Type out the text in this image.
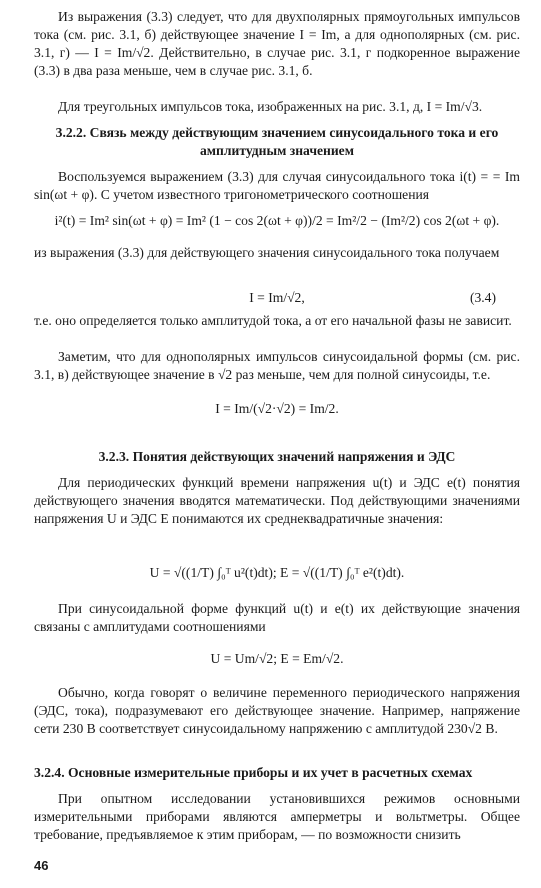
Из выражения (3.3) следует, что для двухполярных прямоугольных импульсов тока (см. рис. 3.1, б) действующее значение I = Im, а для однополярных (см. рис. 3.1, г) — I = Im/√2. Действительно, в случае рис. 3.1, г подкоренное выражение (3.3) в два раза меньше, чем в случае рис. 3.1, б.
Для треугольных импульсов тока, изображенных на рис. 3.1, д, I = Im/√3.
3.2.2. Связь между действующим значением синусоидального тока и его амплитудным значением
Воспользуемся выражением (3.3) для случая синусоидального тока i(t) = = Im sin(ωt + φ). С учетом известного тригонометрического соотношения
i²(t) = Im² sin(ωt + φ) = Im² (1 − cos 2(ωt + φ))/2 = Im²/2 − (Im²/2) cos 2(ωt + φ).
из выражения (3.3) для действующего значения синусоидального тока получаем
I = Im/√2,	(3.4)
т.е. оно определяется только амплитудой тока, а от его начальной фазы не зависит.
Заметим, что для однополярных импульсов синусоидальной формы (см. рис. 3.1, в) действующее значение в √2 раз меньше, чем для полной синусоиды, т.е.
I = Im/(√2·√2) = Im/2.
3.2.3. Понятия действующих значений напряжения и ЭДС
Для периодических функций времени напряжения u(t) и ЭДС e(t) понятия действующего значения вводятся математически. Под действующими значениями напряжения U и ЭДС E понимаются их среднеквадратичные значения:
U = √((1/T) ∫₀ᵀ u²(t)dt); E = √((1/T) ∫₀ᵀ e²(t)dt).
При синусоидальной форме функций u(t) и e(t) их действующие значения связаны с амплитудами соотношениями
U = Um/√2; E = Em/√2.
Обычно, когда говорят о величине переменного периодического напряжения (ЭДС, тока), подразумевают его действующее значение. Например, напряжение сети 230 В соответствует синусоидальному напряжению с амплитудой 230√2 В.
3.2.4. Основные измерительные приборы и их учет в расчетных схемах
При опытном исследовании установившихся режимов основными измерительными приборами являются амперметры и вольтметры. Общее требование, предъявляемое к этим приборам, — по возможности снизить
46
